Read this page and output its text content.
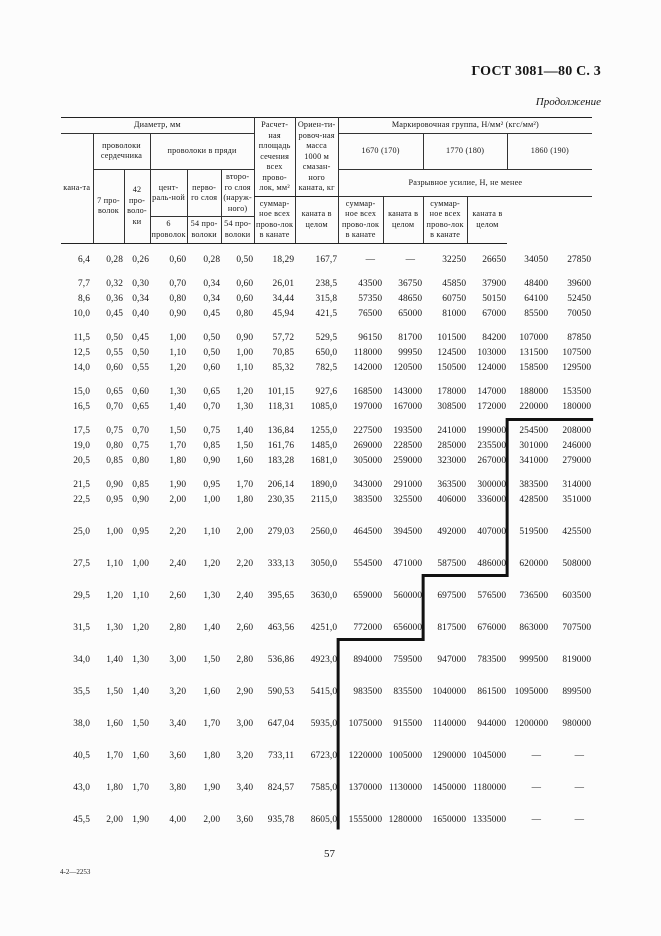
ГОСТ 3081—80 С. 3
Продолжение
Диаметр, мм						Расчет-ная площадь сечения всех прово-лок, мм²	Ориен-ти-ровоч-ная масса 1000 м смазан-ного каната, кг	Маркировочная группа, Н/мм² (кгс/мм²)					
кана-та	проволоки сердечника		проволоки в пряди					1670 (170)		1770 (180)		1860 (190)	
	7 про-волок	42 про-воло-ки	цент-раль-ной	перво-го слоя	второ-го слоя (наруж-ного)			Разрывное усилие, Н, не менее					
						суммар-ное всех прово-лок в канате	каната в целом	суммар-ное всех прово-лок в канате	каната в целом	суммар-ное всех прово-лок в канате	каната в целом		
			6 проволок	54 про-волоки	54 про-волоки								

6,4	0,28	0,26	0,60	0,28	0,50	18,29	167,7	—	—	32250	26650	34050	27850

7,7	0,32	0,30	0,70	0,34	0,60	26,01	238,5	43500	36750	45850	37900	48400	39600
8,6	0,36	0,34	0,80	0,34	0,60	34,44	315,8	57350	48650	60750	50150	64100	52450
10,0	0,45	0,40	0,90	0,45	0,80	45,94	421,5	76500	65000	81000	67000	85500	70050

11,5	0,50	0,45	1,00	0,50	0,90	57,72	529,5	96150	81700	101500	84200	107000	87850
12,5	0,55	0,50	1,10	0,50	1,00	70,85	650,0	118000	99950	124500	103000	131500	107500
14,0	0,60	0,55	1,20	0,60	1,10	85,32	782,5	142000	120500	150500	124000	158500	129500

15,0	0,65	0,60	1,30	0,65	1,20	101,15	927,6	168500	143000	178000	147000	188000	153500
16,5	0,70	0,65	1,40	0,70	1,30	118,31	1085,0	197000	167000	308500	172000	220000	180000

17,5	0,75	0,70	1,50	0,75	1,40	136,84	1255,0	227500	193500	241000	199000	254500	208000
19,0	0,80	0,75	1,70	0,85	1,50	161,76	1485,0	269000	228500	285000	235500	301000	246000
20,5	0,85	0,80	1,80	0,90	1,60	183,28	1681,0	305000	259000	323000	267000	341000	279000

21,5	0,90	0,85	1,90	0,95	1,70	206,14	1890,0	343000	291000	363500	300000	383500	314000
22,5	0,95	0,90	2,00	1,00	1,80	230,35	2115,0	383500	325500	406000	336000	428500	351000

25,0	1,00	0,95	2,20	1,10	2,00	279,03	2560,0	464500	394500	492000	407000	519500	425500

27,5	1,10	1,00	2,40	1,20	2,20	333,13	3050,0	554500	471000	587500	486000	620000	508000

29,5	1,20	1,10	2,60	1,30	2,40	395,65	3630,0	659000	560000	697500	576500	736500	603500

31,5	1,30	1,20	2,80	1,40	2,60	463,56	4251,0	772000	656000	817500	676000	863000	707500

34,0	1,40	1,30	3,00	1,50	2,80	536,86	4923,0	894000	759500	947000	783500	999500	819000

35,5	1,50	1,40	3,20	1,60	2,90	590,53	5415,0	983500	835500	1040000	861500	1095000	899500

38,0	1,60	1,50	3,40	1,70	3,00	647,04	5935,0	1075000	915500	1140000	944000	1200000	980000

40,5	1,70	1,60	3,60	1,80	3,20	733,11	6723,0	1220000	1005000	1290000	1045000	—	—

43,0	1,80	1,70	3,80	1,90	3,40	824,57	7585,0	1370000	1130000	1450000	1180000	—	—

45,5	2,00	1,90	4,00	2,00	3,60	935,78	8605,0	1555000	1280000	1650000	1335000	—	—
57
4-2—2253
